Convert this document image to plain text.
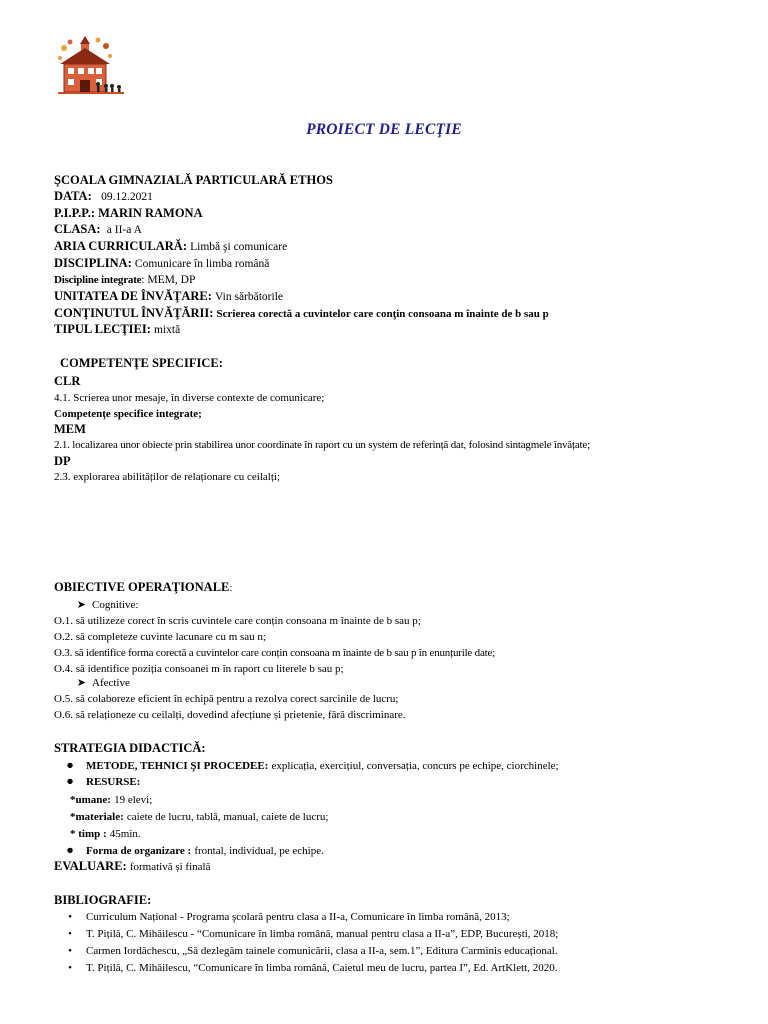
PROIECT DE LECŢIE
ŞCOALA GIMNAZIALĂ PARTICULARĂ ETHOS
DATA: 09.12.2021
P.I.P.P.: MARIN RAMONA
CLASA: a II-a A
ARIA CURRICULARĂ: Limbă şi comunicare
DISCIPLINA: Comunicare în limba română
Discipline integrate: MEM, DP
UNITATEA DE ÎNVĂŢARE: Vin sărbătorile
CONŢINUTUL ÎNVĂŢĂRII: Scrierea corectă a cuvintelor care conţin consoana m înainte de b sau p
TIPUL LECŢIEI: mixtă
COMPETENŢE SPECIFICE:
CLR
4.1. Scrierea unor mesaje, în diverse contexte de comunicare;
Competențe specifice integrate;
MEM
2.1. localizarea unor obiecte prin stabilirea unor coordinate în raport cu un system de referință dat, folosind sintagmele învățate;
DP
2.3. explorarea abilităților de relaționare cu ceilalți;
OBIECTIVE OPERAŢIONALE:
➤ Cognitive:
O.1. să utilizeze corect în scris cuvintele care conțin consoana m înainte de b sau p;
O.2. să completeze cuvinte lacunare cu m sau n;
O.3. să identifice forma corectă a cuvintelor care conțin consoana m înainte de b sau p în enunțurile date;
O.4. să identifice poziția consoanei m în raport cu literele b sau p;
➤ Afective
O.5. să colaboreze eficient în echipă pentru a rezolva corect sarcinile de lucru;
O.6. să relaționeze cu ceilalți, dovedind afecțiune și prietenie, fără discriminare.
STRATEGIA DIDACTICĂ:
● METODE, TEHNICI ŞI PROCEDEE: explicația, exercițiul, conversația, concurs pe echipe, ciorchinele;
● RESURSE:
*umane: 19 elevi;
*materiale: caiete de lucru, tablă, manual, caiete de lucru;
* timp : 45min.
● Forma de organizare : frontal, individual, pe echipe.
EVALUARE: formativă și finală
BIBLIOGRAFIE:
• Curriculum Național - Programa şcolară pentru clasa a II-a, Comunicare în limba română, 2013;
• T. Pițilă, C. Mihăilescu - “Comunicare în limba română, manual pentru clasa a II-a”, EDP, București, 2018;
• Carmen Iordăchescu, „Să dezlegăm tainele comunicării, clasa a II-a, sem.1”, Editura Carminis educațional.
• T. Pițilă, C. Mihăilescu, “Comunicare în limba română, Caietul meu de lucru, partea I”, Ed. ArtKlett, 2020.
